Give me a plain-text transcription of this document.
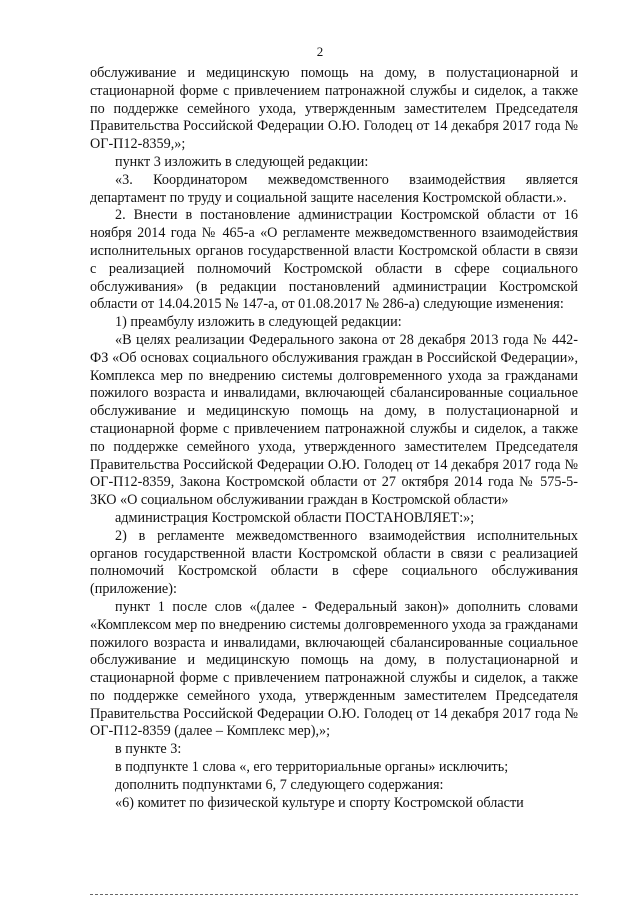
2

обслуживание и медицинскую помощь на дому, в полустационарной и стационарной форме с привлечением патронажной службы и сиделок, а также по поддержке семейного ухода, утвержденным заместителем Председателя Правительства Российской Федерации О.Ю. Голодец от 14 декабря 2017 года № ОГ-П12-8359,»;

пункт 3 изложить в следующей редакции:

«3. Координатором межведомственного взаимодействия является департамент по труду и социальной защите населения Костромской области.».

2. Внести в постановление администрации Костромской области от 16 ноября 2014 года № 465-а «О регламенте межведомственного взаимодействия исполнительных органов государственной власти Костромской области в связи с реализацией полномочий Костромской области в сфере социального обслуживания» (в редакции постановлений администрации Костромской области от 14.04.2015 № 147-а, от 01.08.2017 № 286-а) следующие изменения:

1) преамбулу изложить в следующей редакции:

«В целях реализации Федерального закона от 28 декабря 2013 года № 442-ФЗ «Об основах социального обслуживания граждан в Российской Федерации», Комплекса мер по внедрению системы долговременного ухода за гражданами пожилого возраста и инвалидами, включающей сбалансированные социальное обслуживание и медицинскую помощь на дому, в полустационарной и стационарной форме с привлечением патронажной службы и сиделок, а также по поддержке семейного ухода, утвержденного заместителем Председателя Правительства Российской Федерации О.Ю. Голодец от 14 декабря 2017 года № ОГ-П12-8359, Закона Костромской области от 27 октября 2014 года № 575-5-ЗКО «О социальном обслуживании граждан в Костромской области»

администрация Костромской области ПОСТАНОВЛЯЕТ:»;

2) в регламенте межведомственного взаимодействия исполнительных органов государственной власти Костромской области в связи с реализацией полномочий Костромской области в сфере социального обслуживания (приложение):

пункт 1 после слов «(далее - Федеральный закон)» дополнить словами «Комплексом мер по внедрению системы долговременного ухода за гражданами пожилого возраста и инвалидами, включающей сбалансированные социальное обслуживание и медицинскую помощь на дому, в полустационарной и стационарной форме с привлечением патронажной службы и сиделок, а также по поддержке семейного ухода, утвержденным заместителем Председателя Правительства Российской Федерации О.Ю. Голодец от 14 декабря 2017 года № ОГ-П12-8359 (далее – Комплекс мер),»;

в пункте 3:

в подпункте 1 слова «, его территориальные органы» исключить;

дополнить подпунктами 6, 7 следующего содержания:

«6) комитет по физической культуре и спорту Костромской области
